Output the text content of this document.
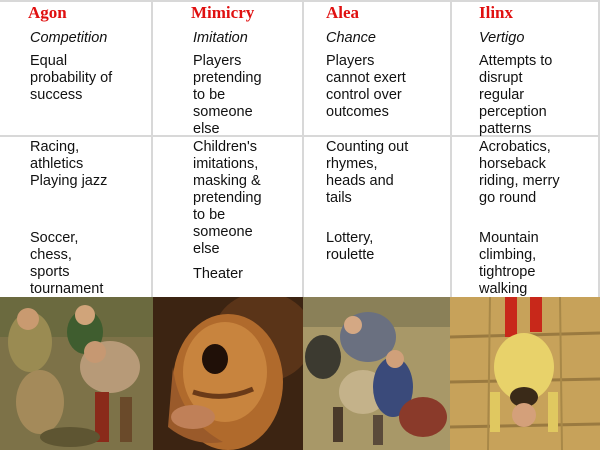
Agon
Competition
Equal
probability of
success
Racing,
athletics
Playing jazz
Soccer,
chess,
sports
tournament
Mimicry
Imitation
Players
pretending
to be
someone
else
Children's
imitations,
masking &
pretending
to be
someone
else
Theater
Alea
Chance
Players
cannot exert
control over
outcomes
Counting out
rhymes,
heads and
tails
Lottery,
roulette
Ilinx
Vertigo
Attempts to
disrupt
regular
perception
patterns
Acrobatics,
horseback
riding, merry
go round
Mountain
climbing,
tightrope
walking
